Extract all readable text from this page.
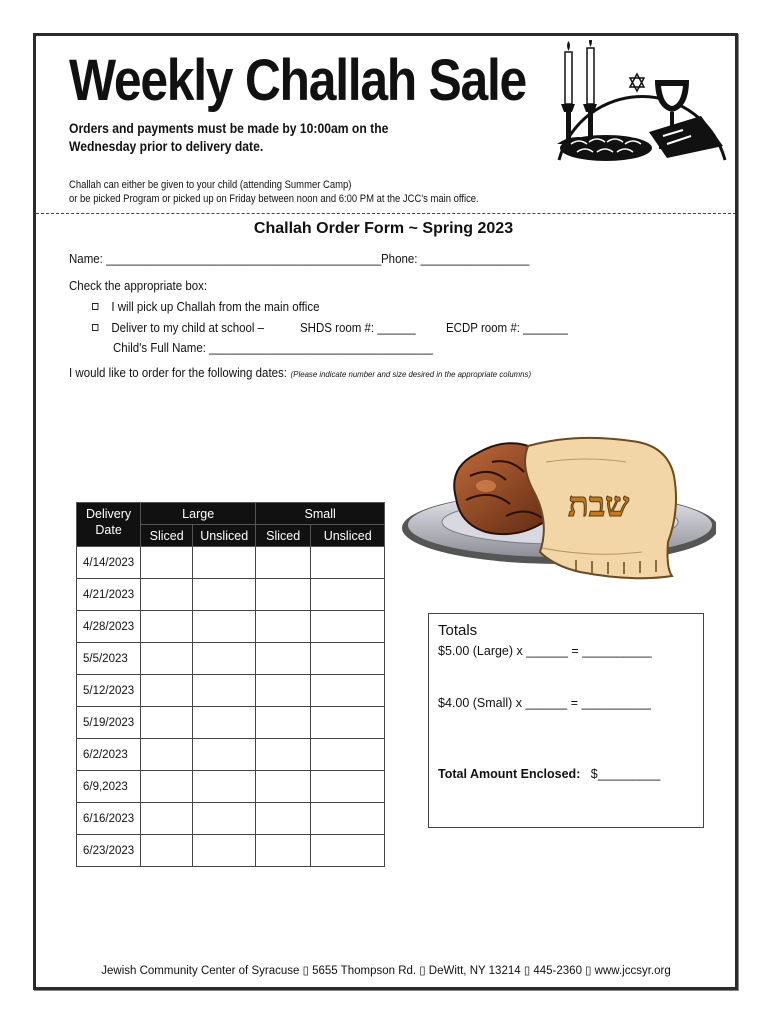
Weekly Challah Sale
Orders and payments must be made by 10:00am on the
Wednesday prior to delivery date.
Challah can either be given to your child (attending Summer Camp)
or be picked Program or picked up on Friday between noon and 6:00 PM at the JCC's main office.
Challah Order Form ~ Spring 2023
Name: ___________________________________________ Phone: _________________
Check the appropriate box:
I will pick up Challah from the main office
Deliver to my child at school –	SHDS room #: ______ ECDP room #: _______
Child's Full Name: ___________________________________
I would like to order for the following dates: (Please indicate number and size desired in the appropriate columns)
שבת
Delivery
Date	Large		Small	
	Sliced	Unsliced	Sliced	Unsliced
4/14/2023				
4/21/2023				
4/28/2023				
5/5/2023				
5/12/2023				
5/19/2023				
6/2/2023				
6/9,2023				
6/16/2023				
6/23/2023				
Totals
$5.00 (Large) x ______ = __________
$4.00 (Small) x ______ = __________
Total Amount Enclosed: $_________
Jewish Community Center of Syracuse ▯ 5655 Thompson Rd. ▯ DeWitt, NY 13214 ▯ 445-2360 ▯ www.jccsyr.org
